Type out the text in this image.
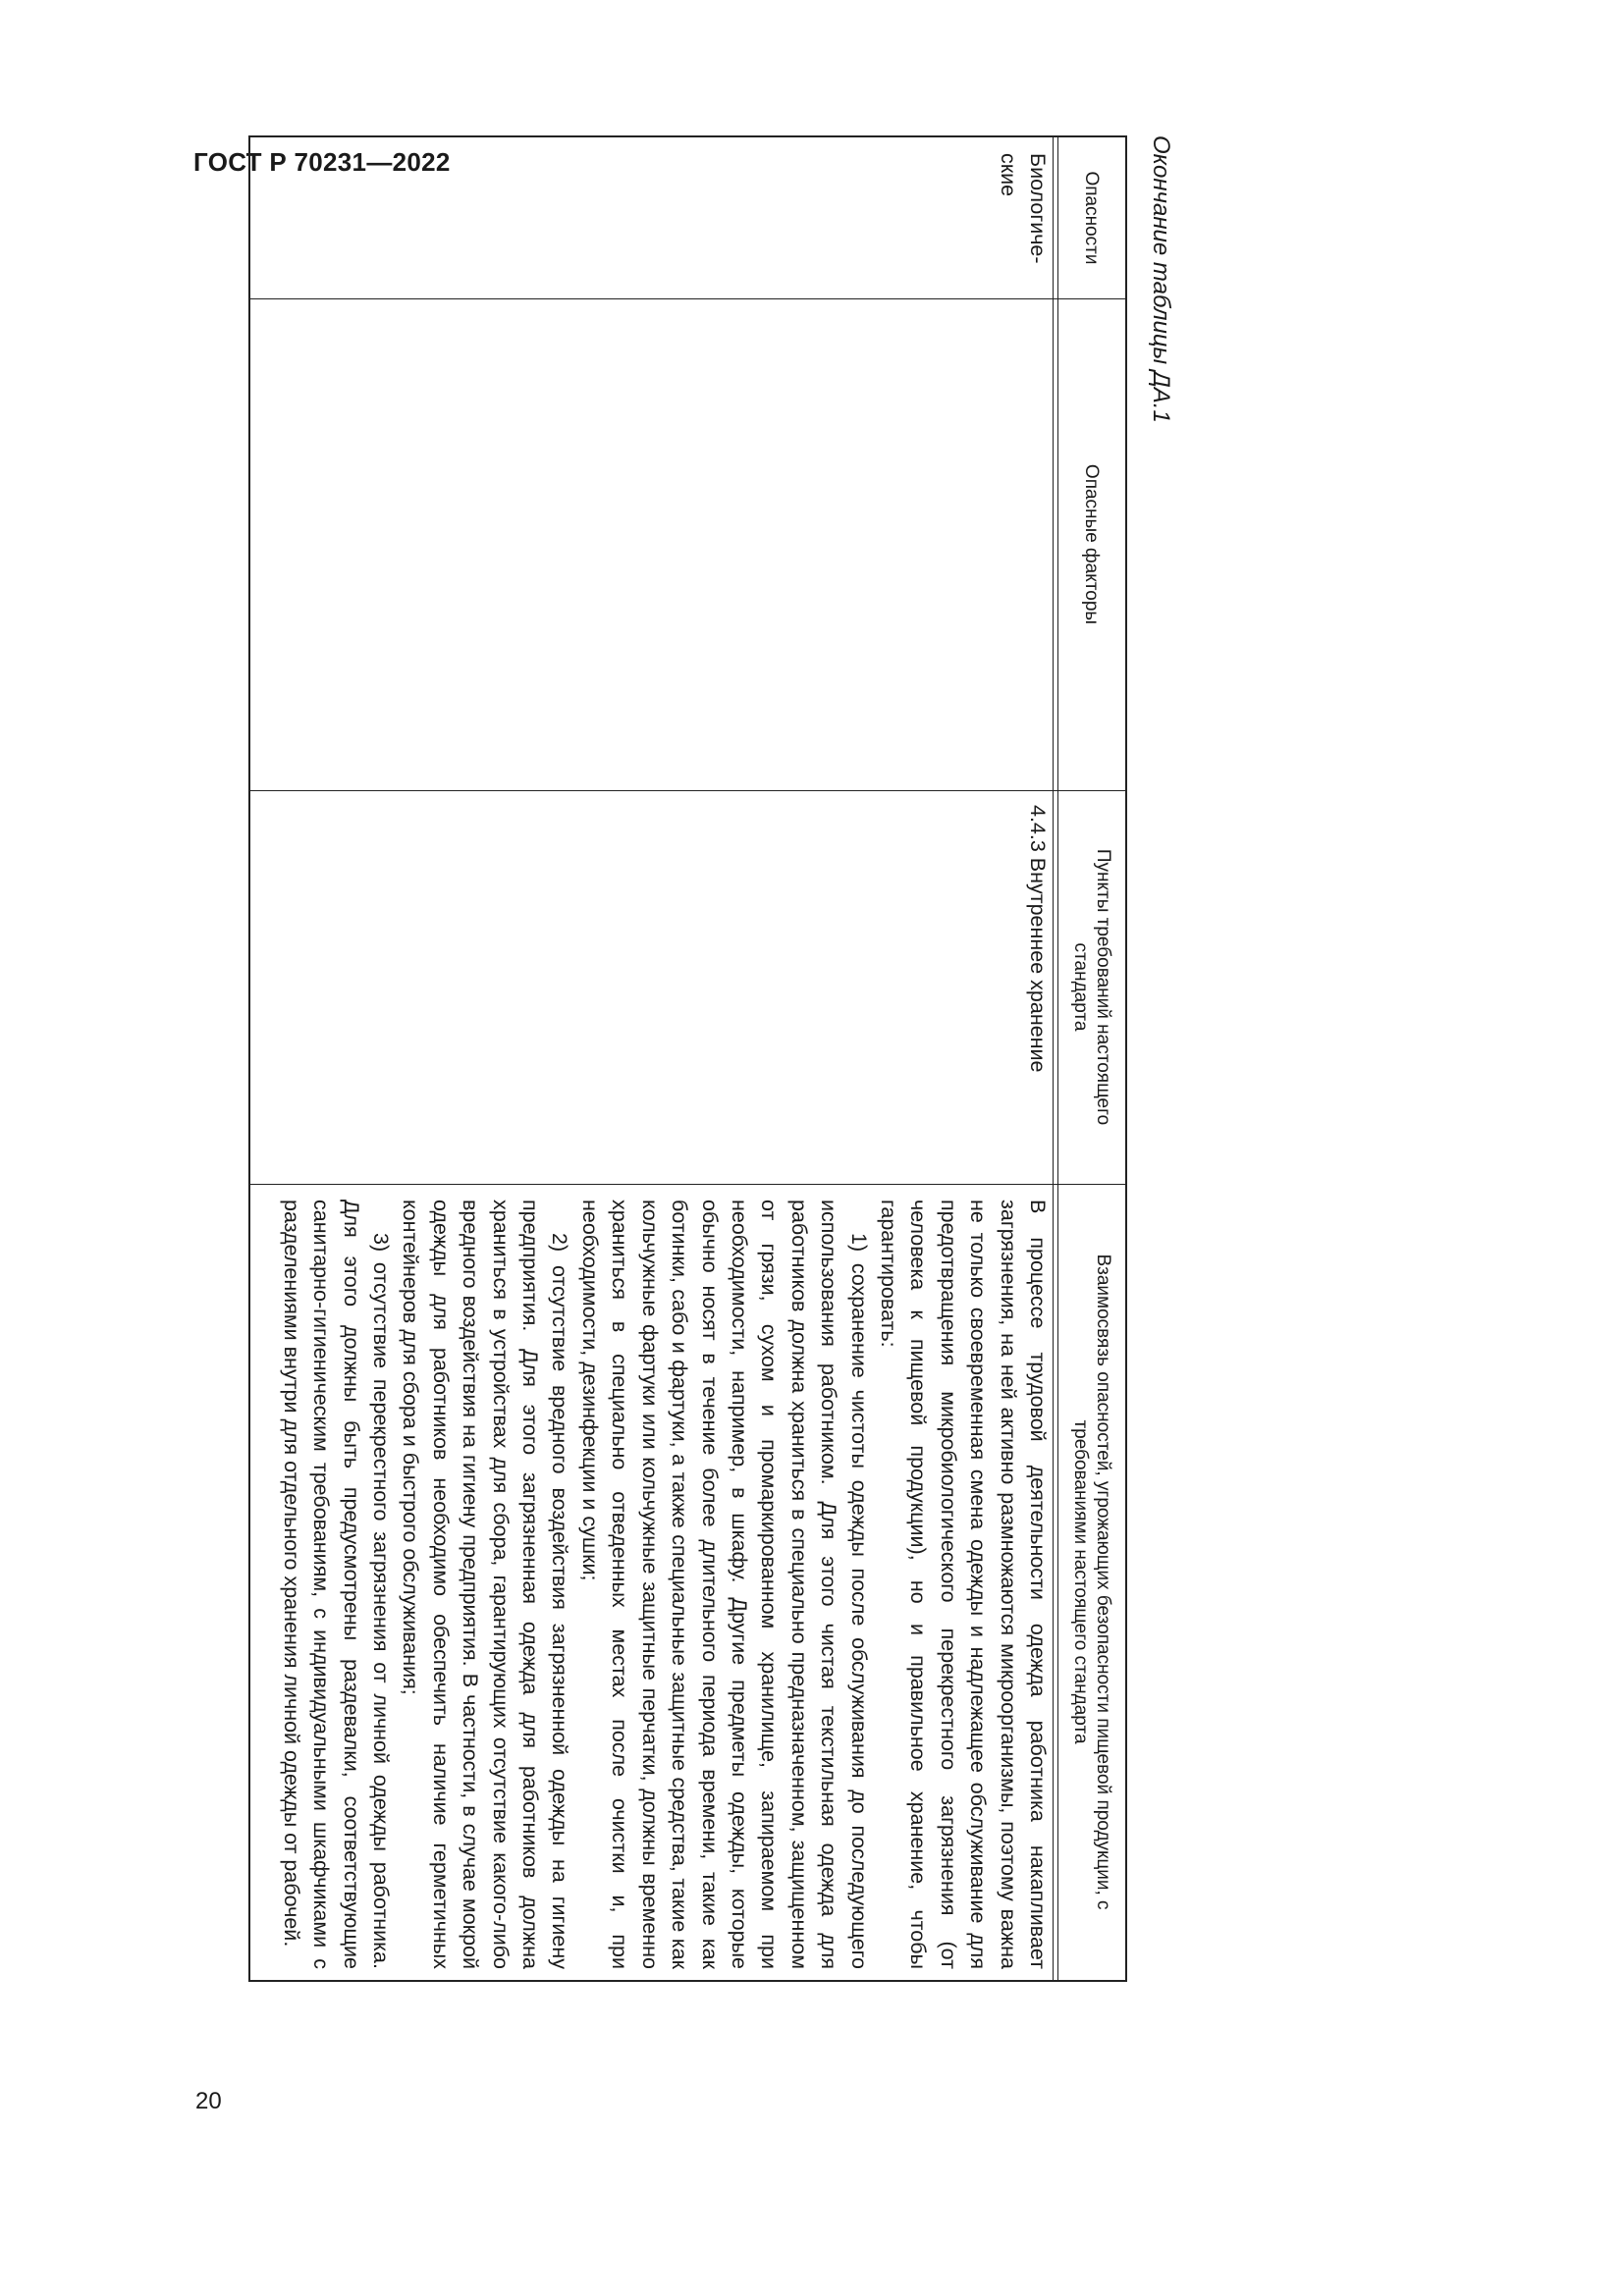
ГОСТ Р 70231—2022
20
Окончание таблицы ДА.1
Опасности
Опасные факторы
Пункты требований настоящего стандарта
Взаимосвязь опасностей, угрожающих безопасности пищевой продукции, с требованиями настоящего стандарта
Биологиче-ские
4.4.3 Внутреннее хранение

В процессе трудовой деятельности одежда работника накапливает загрязнения, на ней активно размножаются микроорганизмы, поэтому важна не только своевременная смена одежды и надлежащее обслуживание для предотвращения микробиологического перекрестного загрязнения (от человека к пищевой продукции), но и правильное хранение, чтобы гарантировать:

1) сохранение чистоты одежды после обслуживания до последующего использования работником. Для этого чистая текстильная одежда для работников должна храниться в специально предназначенном, защищенном от грязи, сухом и промаркированном хранилище, запираемом при необходимости, например, в шкафу. Другие предметы одежды, которые обычно носят в течение более длительного периода времени, такие как ботинки, сабо и фартуки, а также специальные защитные средства, такие как кольчужные фартуки или кольчужные защитные перчатки, должны временно храниться в специально отведенных местах после очистки и, при необходимости, дезинфекции и сушки;

2) отсутствие вредного воздействия загрязненной одежды на гигиену предприятия. Для этого загрязненная одежда для работников должна храниться в устройствах для сбора, гарантирующих отсутствие какого-либо вредного воздействия на гигиену предприятия. В частности, в случае мокрой одежды для работников необходимо обеспечить наличие герметичных контейнеров для сбора и быстрого обслуживания;

3) отсутствие перекрестного загрязнения от личной одежды работника. Для этого должны быть предусмотрены раздевалки, соответствующие санитарно-гигиеническим требованиям, с индивидуальными шкафчиками с разделениями внутри для отдельного хранения личной одежды от рабочей.
